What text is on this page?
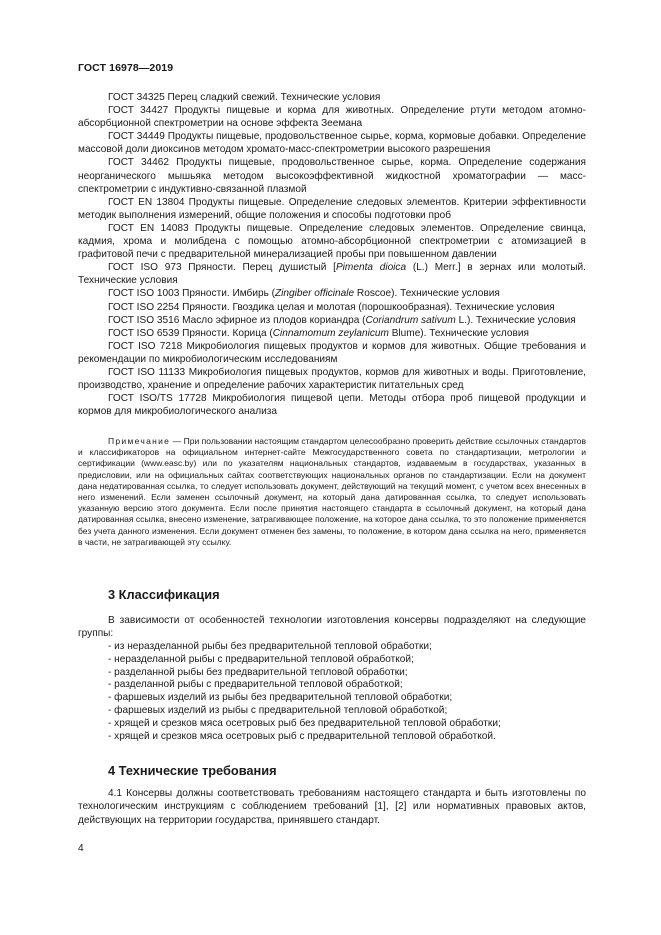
ГОСТ 16978—2019

ГОСТ 34325 Перец сладкий свежий. Технические условия

ГОСТ 34427 Продукты пищевые и корма для животных. Определение ртути методом атомно-абсорбционной спектрометрии на основе эффекта Зеемана

ГОСТ 34449 Продукты пищевые, продовольственное сырье, корма, кормовые добавки. Определение массовой доли диоксинов методом хромато-масс-спектрометрии высокого разрешения

ГОСТ 34462 Продукты пищевые, продовольственное сырье, корма. Определение содержания неорганического мышьяка методом высокоэффективной жидкостной хроматографии — масс-спектрометрии с индуктивно-связанной плазмой

ГОСТ EN 13804 Продукты пищевые. Определение следовых элементов. Критерии эффективности методик выполнения измерений, общие положения и способы подготовки проб

ГОСТ EN 14083 Продукты пищевые. Определение следовых элементов. Определение свинца, кадмия, хрома и молибдена с помощью атомно-абсорбционной спектрометрии с атомизацией в графитовой печи с предварительной минерализацией пробы при повышенном давлении

ГОСТ ISO 973 Пряности. Перец душистый [Pimenta dioica (L.) Merr.] в зернах или молотый. Технические условия

ГОСТ ISO 1003 Пряности. Имбирь (Zingiber officinale Roscoe). Технические условия

ГОСТ ISO 2254 Пряности. Гвоздика целая и молотая (порошкообразная). Технические условия

ГОСТ ISO 3516 Масло эфирное из плодов кориандра (Coriandrum sativum L.). Технические условия

ГОСТ ISO 6539 Пряности. Корица (Cinnamomum zeylanicum Blume). Технические условия

ГОСТ ISO 7218 Микробиология пищевых продуктов и кормов для животных. Общие требования и рекомендации по микробиологическим исследованиям

ГОСТ ISO 11133 Микробиология пищевых продуктов, кормов для животных и воды. Приготовление, производство, хранение и определение рабочих характеристик питательных сред

ГОСТ ISO/TS 17728 Микробиология пищевой цепи. Методы отбора проб пищевой продукции и кормов для микробиологического анализа

Примечание — При пользовании настоящим стандартом целесообразно проверить действие ссылочных стандартов и классификаторов на официальном интернет-сайте Межгосударственного совета по стандартизации, метрологии и сертификации (www.easc.by) или по указателям национальных стандартов, издаваемым в государствах, указанных в предисловии, или на официальных сайтах соответствующих национальных органов по стандартизации. Если на документ дана недатированная ссылка, то следует использовать документ, действующий на текущий момент, с учетом всех внесенных в него изменений. Если заменен ссылочный документ, на который дана датированная ссылка, то следует использовать указанную версию этого документа. Если после принятия настоящего стандарта в ссылочный документ, на который дана датированная ссылка, внесено изменение, затрагивающее положение, на которое дана ссылка, то это положение применяется без учета данного изменения. Если документ отменен без замены, то положение, в котором дана ссылка на него, применяется в части, не затрагивающей эту ссылку.

3 Классификация

В зависимости от особенностей технологии изготовления консервы подразделяют на следующие группы:

- из неразделанной рыбы без предварительной тепловой обработки;
- неразделанной рыбы с предварительной тепловой обработкой;
- разделанной рыбы без предварительной тепловой обработки;
- разделанной рыбы с предварительной тепловой обработкой;
- фаршевых изделий из рыбы без предварительной тепловой обработки;
- фаршевых изделий из рыбы с предварительной тепловой обработкой;
- хрящей и срезков мяса осетровых рыб без предварительной тепловой обработки;
- хрящей и срезков мяса осетровых рыб с предварительной тепловой обработкой.
4 Технические требования

4.1 Консервы должны соответствовать требованиям настоящего стандарта и быть изготовлены по технологическим инструкциям с соблюдением требований [1], [2] или нормативных правовых актов, действующих на территории государства, принявшего стандарт.

4
